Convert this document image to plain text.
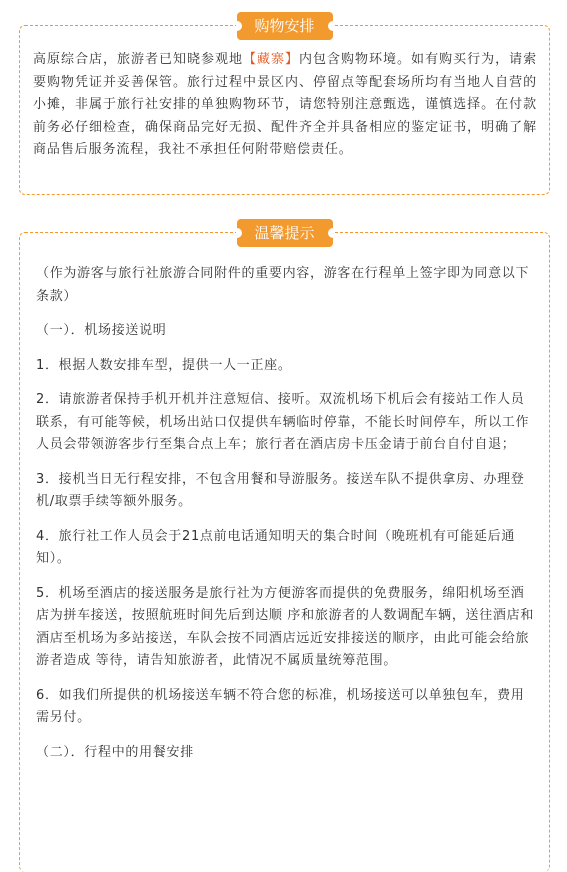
购物安排

高原综合店，旅游者已知晓参观地【藏寨】内包含购物环境。如有购买行为，请索要购物凭证并妥善保管。旅行过程中景区内、停留点等配套场所均有当地人自营的小摊，非属于旅行社安排的单独购物环节，请您特别注意甄选，谨慎选择。在付款前务必仔细检查，确保商品完好无损、配件齐全并具备相应的鉴定证书，明确了解商品售后服务流程，我社不承担任何附带赔偿责任。

温馨提示

（作为游客与旅行社旅游合同附件的重要内容，游客在行程单上签字即为同意以下条款）

（一）．机场接送说明

1．根据人数安排车型，提供一人一正座。

2．请旅游者保持手机开机并注意短信、接听。双流机场下机后会有接站工作人员联系，有可能等候，机场出站口仅提供车辆临时停靠，不能长时间停车，所以工作人员会带领游客步行至集合点上车；旅行者在酒店房卡压金请于前台自付自退；

3．接机当日无行程安排，不包含用餐和导游服务。接送车队不提供拿房、办理登机/取票手续等额外服务。

4．旅行社工作人员会于21点前电话通知明天的集合时间（晚班机有可能延后通知）。

5．机场至酒店的接送服务是旅行社为方便游客而提供的免费服务，绵阳机场至酒店为拼车接送，按照航班时间先后到达顺 序和旅游者的人数调配车辆，送往酒店和酒店至机场为多站接送，车队会按不同酒店远近安排接送的顺序，由此可能会给旅游者造成 等待，请告知旅游者，此情况不属质量统筹范围。

6．如我们所提供的机场接送车辆不符合您的标准，机场接送可以单独包车，费用需另付。

（二）．行程中的用餐安排
